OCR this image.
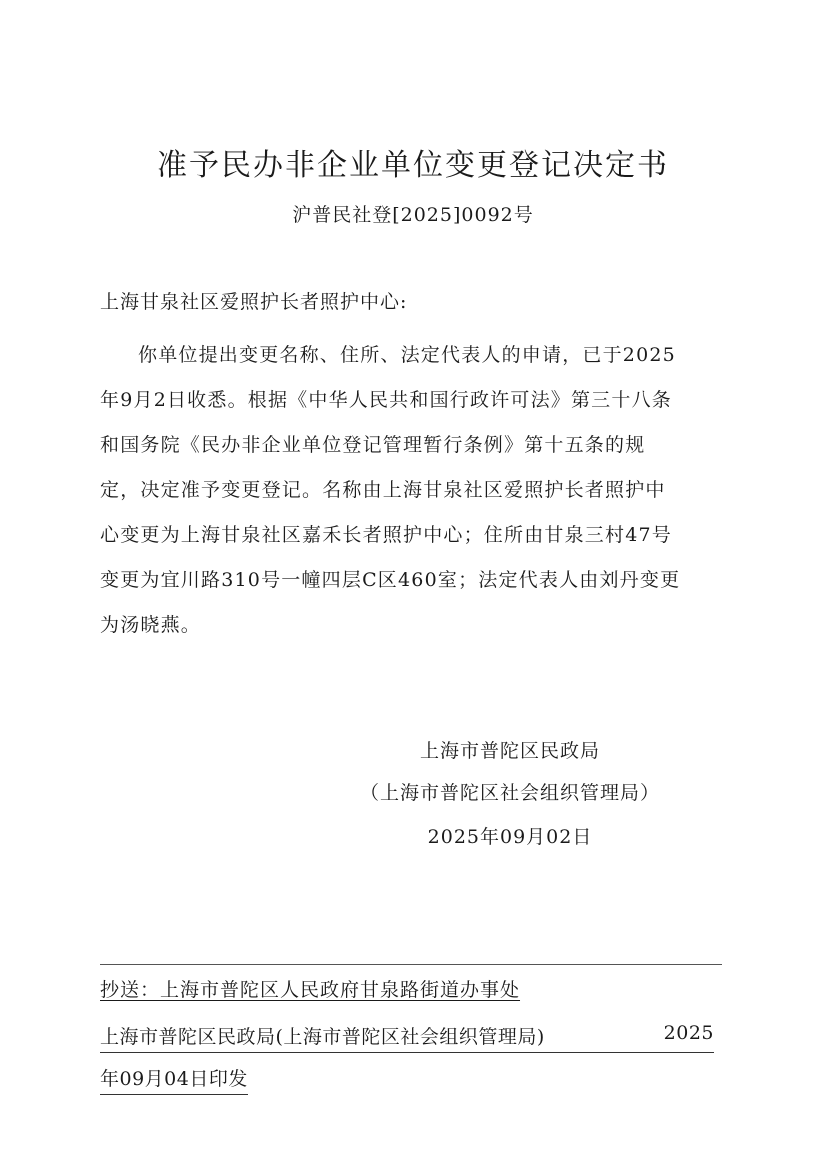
准予民办非企业单位变更登记决定书
沪普民社登[2025]0092号
上海甘泉社区爱照护长者照护中心:
你单位提出变更名称、住所、法定代表人的申请，已于2025
年9月2日收悉。根据《中华人民共和国行政许可法》第三十八条
和国务院《民办非企业单位登记管理暂行条例》第十五条的规
定，决定准予变更登记。名称由上海甘泉社区爱照护长者照护中
心变更为上海甘泉社区嘉禾长者照护中心；住所由甘泉三村47号
变更为宜川路310号一幢四层C区460室；法定代表人由刘丹变更
为汤晓燕。
上海市普陀区民政局
（上海市普陀区社会组织管理局）
2025年09月02日
抄送：上海市普陀区人民政府甘泉路街道办事处
上海市普陀区民政局(上海市普陀区社会组织管理局)	2025
年09月04日印发
